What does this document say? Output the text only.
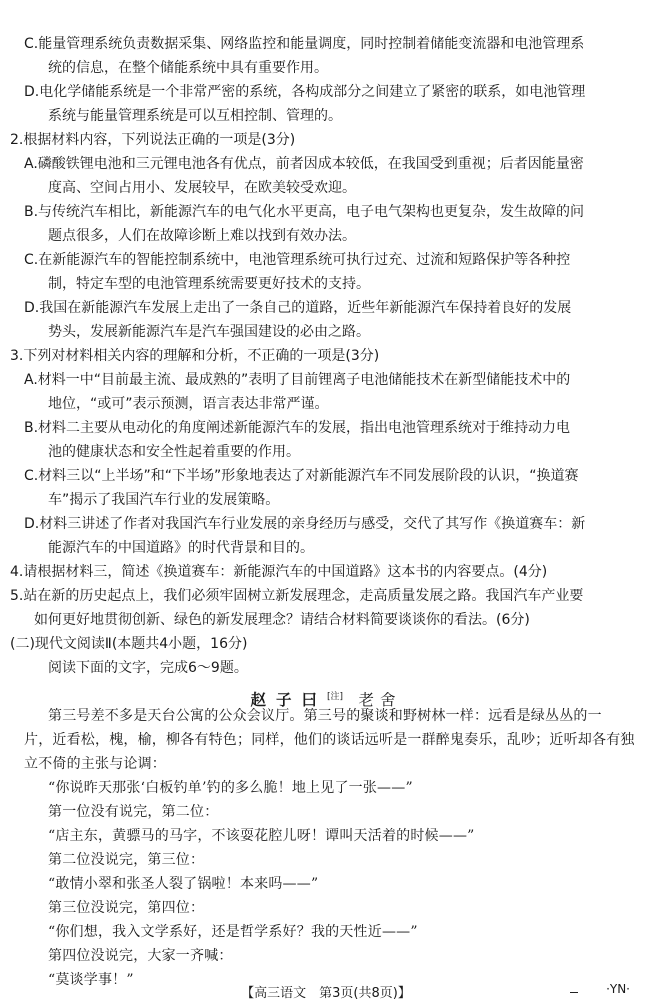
C.能量管理系统负责数据采集、网络监控和能量调度，同时控制着储能变流器和电池管理系
统的信息，在整个储能系统中具有重要作用。
D.电化学储能系统是一个非常严密的系统，各构成部分之间建立了紧密的联系，如电池管理
系统与能量管理系统是可以互相控制、管理的。
2.根据材料内容，下列说法正确的一项是(3分)
A.磷酸铁锂电池和三元锂电池各有优点，前者因成本较低，在我国受到重视；后者因能量密
度高、空间占用小、发展较早，在欧美较受欢迎。
B.与传统汽车相比，新能源汽车的电气化水平更高，电子电气架构也更复杂，发生故障的问
题点很多，人们在故障诊断上难以找到有效办法。
C.在新能源汽车的智能控制系统中，电池管理系统可执行过充、过流和短路保护等各种控
制，特定车型的电池管理系统需要更好技术的支持。
D.我国在新能源汽车发展上走出了一条自己的道路，近些年新能源汽车保持着良好的发展
势头，发展新能源汽车是汽车强国建设的必由之路。
3.下列对材料相关内容的理解和分析，不正确的一项是(3分)
A.材料一中“目前最主流、最成熟的”表明了目前锂离子电池储能技术在新型储能技术中的
地位，“或可”表示预测，语言表达非常严谨。
B.材料二主要从电动化的角度阐述新能源汽车的发展，指出电池管理系统对于维持动力电
池的健康状态和安全性起着重要的作用。
C.材料三以“上半场”和“下半场”形象地表达了对新能源汽车不同发展阶段的认识，“换道赛
车”揭示了我国汽车行业的发展策略。
D.材料三讲述了作者对我国汽车行业发展的亲身经历与感受，交代了其写作《换道赛车：新
能源汽车的中国道路》的时代背景和目的。
4.请根据材料三，简述《换道赛车：新能源汽车的中国道路》这本书的内容要点。(4分)
5.站在新的历史起点上，我们必须牢固树立新发展理念，走高质量发展之路。我国汽车产业要
如何更好地贯彻创新、绿色的新发展理念？请结合材料简要谈谈你的看法。(6分)
(二)现代文阅读Ⅱ(本题共4小题，16分)
阅读下面的文字，完成6～9题。
第三号差不多是天台公寓的公众会议厅。第三号的聚谈和野树林一样：远看是绿丛丛的一
片，近看松，槐，榆，柳各有特色；同样，他们的谈话远听是一群醉鬼奏乐，乱吵；近听却各有独
立不倚的主张与论调：
“你说昨天那张‘白板钓单’钓的多么脆！地上见了一张——”
第一位没有说完，第二位：
“店主东，黄骠马的马字，不该耍花腔儿呀！谭叫天活着的时候——”
第二位没说完，第三位：
“敢情小翠和张圣人裂了锅啦！本来吗——”
第三位没说完，第四位：
“你们想，我入文学系好，还是哲学系好？我的天性近——”
第四位没说完，大家一齐喊：
“莫谈学事！”
赵子曰[注] 老舍
【高三语文　第3页(共8页)】	·YN·
